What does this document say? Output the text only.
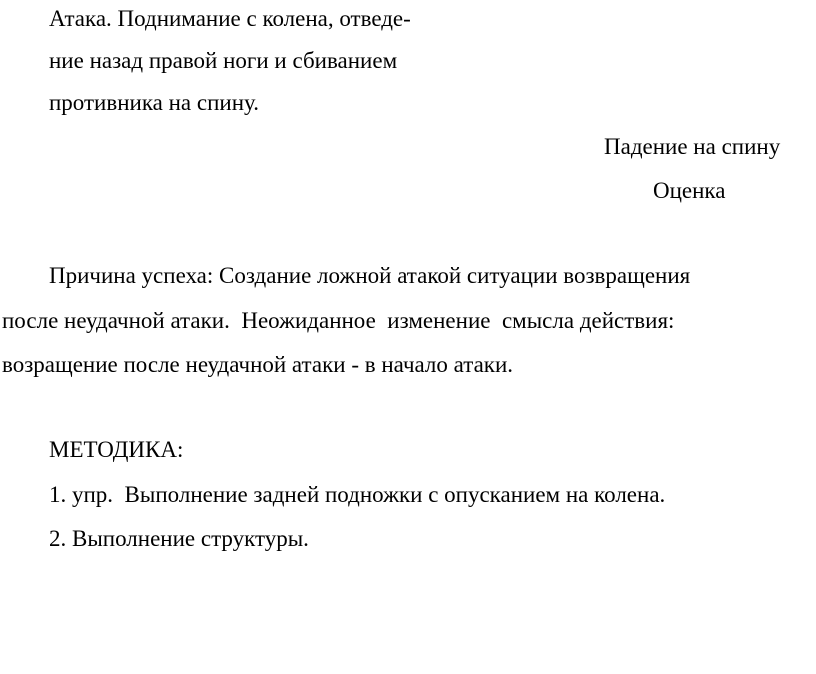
Атака. Поднимание с колена, отведе-
ние назад правой ноги и сбиванием
противника на спину.
Падение на спину
Оценка
Причина успеха: Создание ложной атакой ситуации возвращения
после неудачной атаки.  Неожиданное  изменение  смысла действия:
возращение после неудачной атаки - в начало атаки.
МЕТОДИКА:
1. упр.  Выполнение задней подножки с опусканием на колена.
2. Выполнение структуры.
